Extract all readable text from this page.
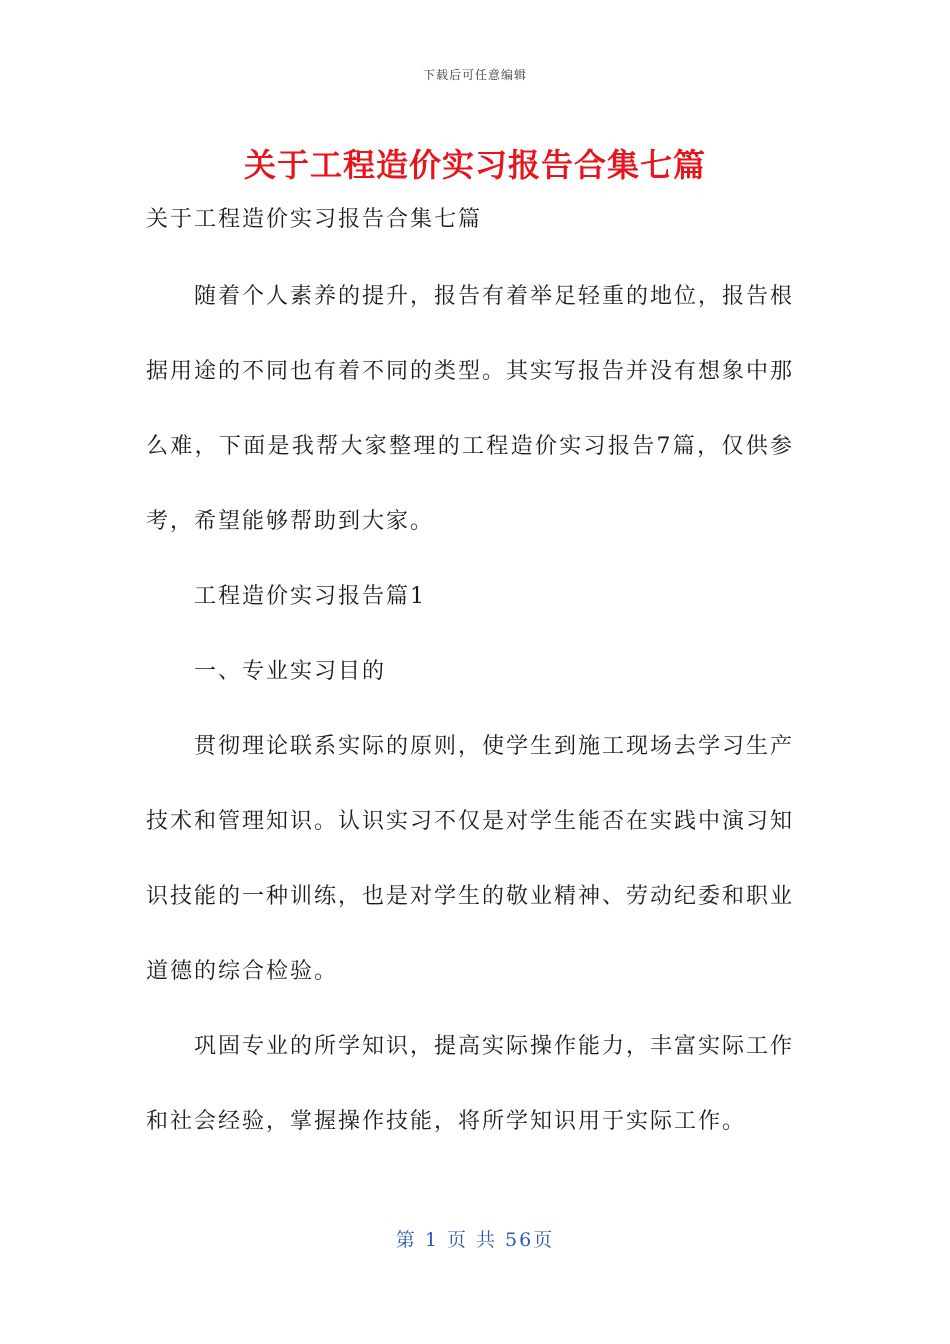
下载后可任意编辑
关于工程造价实习报告合集七篇

关于工程造价实习报告合集七篇

随着个人素养的提升，报告有着举足轻重的地位，报告根据用途的不同也有着不同的类型。其实写报告并没有想象中那么难，下面是我帮大家整理的工程造价实习报告7篇，仅供参考，希望能够帮助到大家。

工程造价实习报告篇1

一、专业实习目的

贯彻理论联系实际的原则，使学生到施工现场去学习生产技术和管理知识。认识实习不仅是对学生能否在实践中演习知识技能的一种训练，也是对学生的敬业精神、劳动纪委和职业道德的综合检验。

巩固专业的所学知识，提高实际操作能力，丰富实际工作和社会经验，掌握操作技能，将所学知识用于实际工作。

第 1 页 共 56页
